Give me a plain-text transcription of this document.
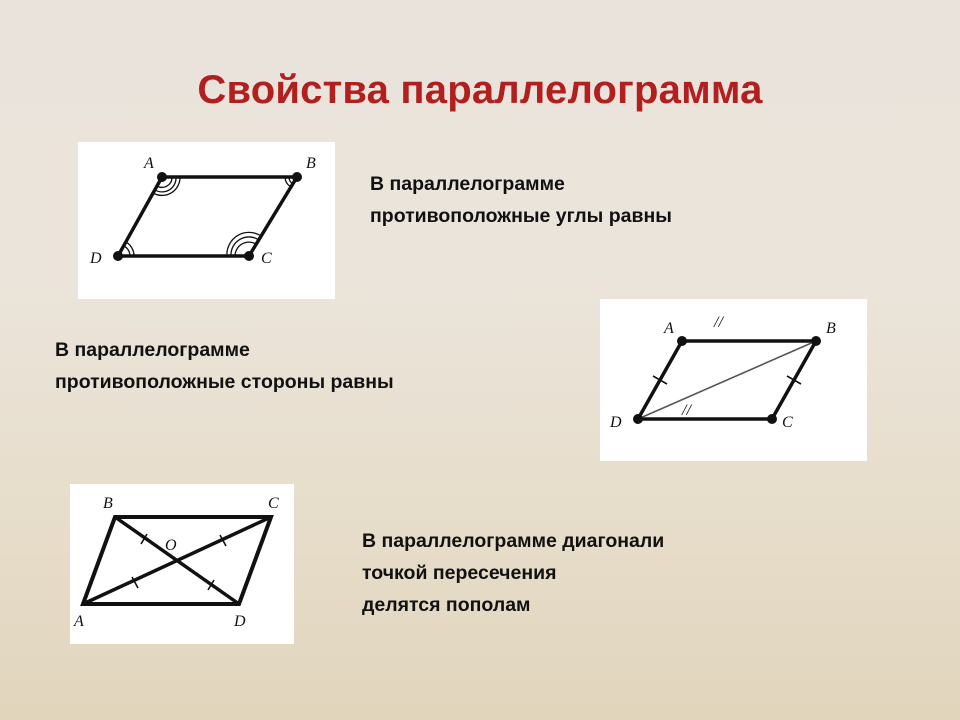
Свойства параллелограмма
A	B
C
D
В параллелограмме
противоположные углы равны
A	B
C
D
//
//
В параллелограмме
противоположные стороны равны
B	C
A	D
O	В параллелограмме диагонали
точкой пересечения
делятся пополам
